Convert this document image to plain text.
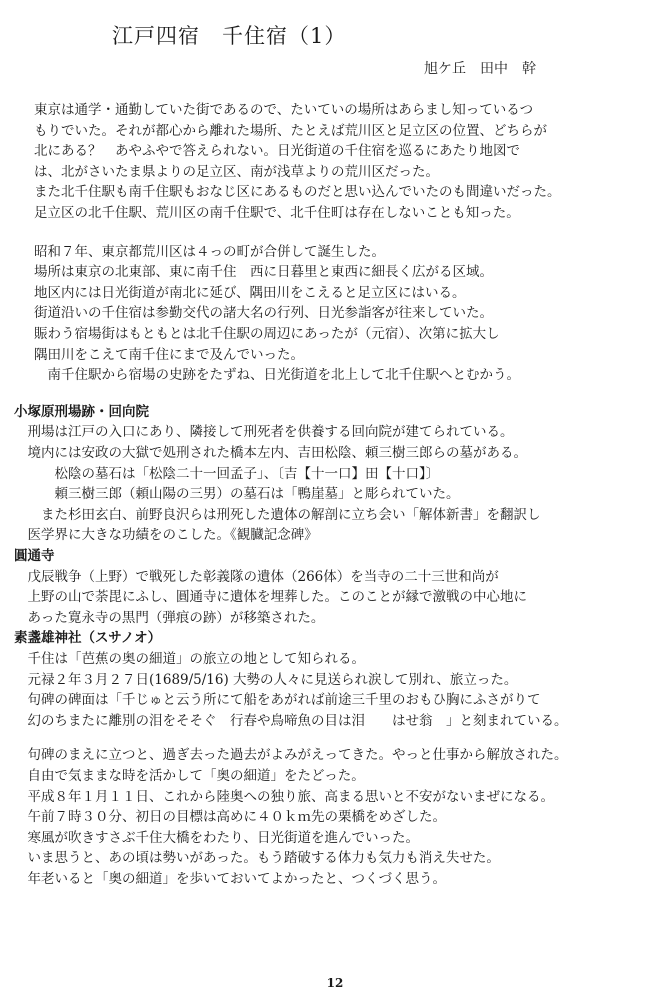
江戸四宿　千住宿（1）
旭ケ丘　田中　幹
東京は通学・通勤していた街であるので、たいていの場所はあらまし知っているつ
もりでいた。それが都心から離れた場所、たとえば荒川区と足立区の位置、どちらが
北にある？　あやふやで答えられない。日光街道の千住宿を巡るにあたり地図で
は、北がさいたま県よりの足立区、南が浅草よりの荒川区だった。
また北千住駅も南千住駅もおなじ区にあるものだと思い込んでいたのも間違いだった。
足立区の北千住駅、荒川区の南千住駅で、北千住町は存在しないことも知った。
昭和７年、東京都荒川区は４っの町が合併して誕生した。
場所は東京の北東部、東に南千住　西に日暮里と東西に細長く広がる区域。
地区内には日光街道が南北に延び、隅田川をこえると足立区にはいる。
街道沿いの千住宿は参勤交代の諸大名の行列、日光参詣客が往来していた。
賑わう宿場街はもともとは北千住駅の周辺にあったが（元宿）、次第に拡大し
隅田川をこえて南千住にまで及んでいった。
　南千住駅から宿場の史跡をたずね、日光街道を北上して北千住駅へとむかう。
小塚原刑場跡・回向院
　刑場は江戸の入口にあり、隣接して刑死者を供養する回向院が建てられている。
　境内には安政の大獄で処刑された橋本左内、吉田松陰、頼三樹三郎らの墓がある。
　　　松陰の墓石は「松陰二十一回孟子」、〔吉【十一口】田【十口】〕
　　　頼三樹三郎（頼山陽の三男）の墓石は「鴨崖墓」と彫られていた。
　　また杉田玄白、前野良沢らは刑死した遺体の解剖に立ち会い「解体新書」を翻訳し
　医学界に大きな功績をのこした。《観臓記念碑》
圓通寺
　戊辰戦争（上野）で戦死した彰義隊の遺体（266体）を当寺の二十三世和尚が
　上野の山で荼毘にふし、圓通寺に遺体を埋葬した。このことが縁で激戦の中心地に
　あった寛永寺の黒門（弾痕の跡）が移築された。
素盞雄神社（スサノオ）
　千住は「芭蕉の奥の細道」の旅立の地として知られる。
　元禄２年３月２７日(1689/5/16) 大勢の人々に見送られ涙して別れ、旅立った。
　句碑の碑面は「千じゅと云う所にて船をあがれば前途三千里のおもひ胸にふさがりて
　幻のちまたに離別の泪をそそぐ　行春や鳥啼魚の目は泪　　はせ翁　」と刻まれている。
　句碑のまえに立つと、過ぎ去った過去がよみがえってきた。やっと仕事から解放された。
　自由で気ままな時を活かして「奥の細道」をたどった。
　平成８年１月１１日、これから陸奥への独り旅、高まる思いと不安がないまぜになる。
　午前７時３０分、初日の目標は高めに４０ｋｍ先の栗橋をめざした。
　寒風が吹きすさぶ千住大橋をわたり、日光街道を進んでいった。
　いま思うと、あの頃は勢いがあった。もう踏破する体力も気力も消え失せた。
　年老いると「奥の細道」を歩いておいてよかったと、つくづく思う。
12
